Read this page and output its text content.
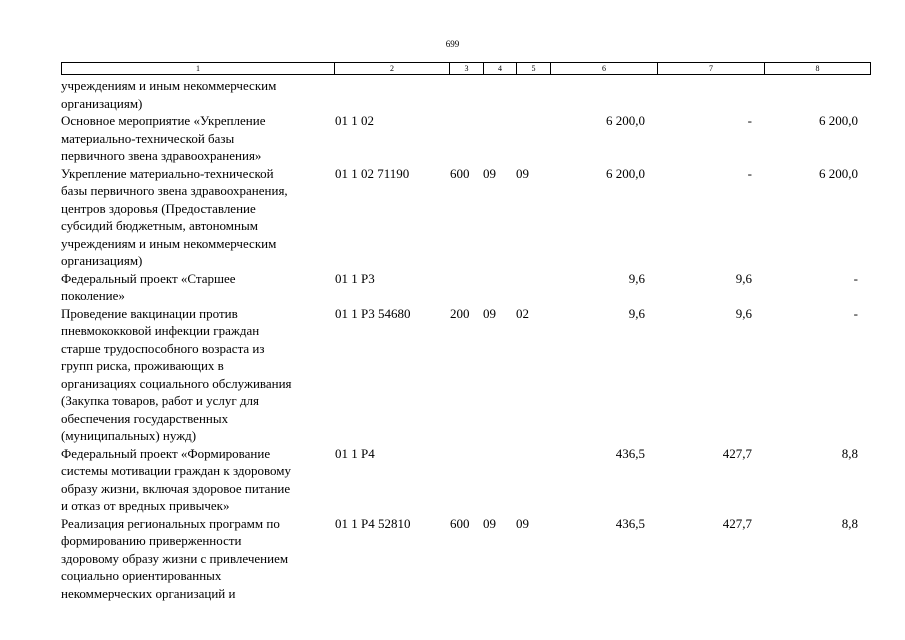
699
1	2	3	4	5	6	7	8
учреждениям и иным некоммерческим
организациям)
Основное мероприятие «Укрепление
материально-технической базы
первичного звена здравоохранения»
01 1 02	6 200,0	-	6 200,0
Укрепление материально-технической
базы первичного звена здравоохранения,
центров здоровья (Предоставление
субсидий бюджетным, автономным
учреждениям и иным некоммерческим
организациям)
01 1 02 71190	600 09 09	6 200,0	-	6 200,0
Федеральный проект «Старшее
поколение»
01 1 P3	9,6	9,6	-
Проведение вакцинации против
пневмококковой инфекции граждан
старше трудоспособного возраста из
групп риска, проживающих в
организациях социального обслуживания
(Закупка товаров, работ и услуг для
обеспечения государственных
(муниципальных) нужд)
01 1 P3 54680	200 09 02	9,6	9,6	-
Федеральный проект «Формирование
системы мотивации граждан к здоровому
образу жизни, включая здоровое питание
и отказ от вредных привычек»
01 1 P4	436,5	427,7	8,8
Реализация региональных программ по
формированию приверженности
здоровому образу жизни с привлечением
социально ориентированных
некоммерческих организаций и
01 1 P4 52810	600 09 09	436,5	427,7	8,8
